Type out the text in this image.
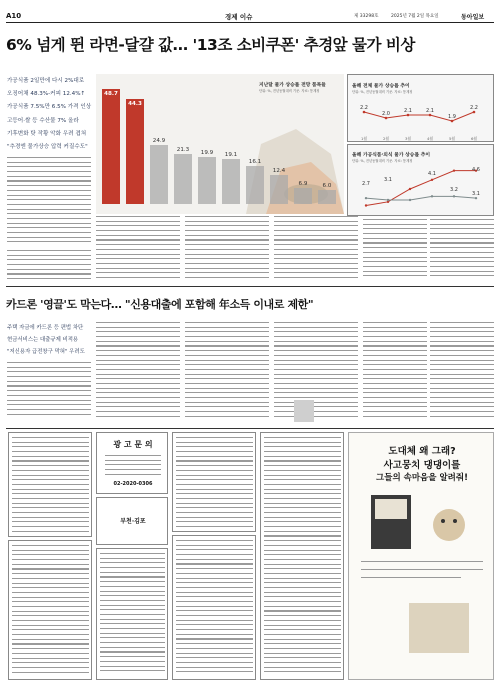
A10	경제 이슈	제 33298호	2025년 7월 2일 목요일	동아일보
6% 넘게 뛴 라면-달걀 값… '13조 소비쿠폰' 추경앞 물가 비상
가공식품 2일만에 다시 2%대로
오징어채 48.3%-커피 12.4%↑
가공식품 7.5%만 6.5% 가격 인상
고등어·쌀 등 수산물 7% 올라
기후변화 탓 작황 악화 우려 겹쳐
"추경엔 물가상승 압력 커질수도"
지난달 물가 상승률 전망 품목들
단위: %, 전년동월대비 기준. 자료: 통계청
48.7
44.3
24.9
21.3
19.9	19.1
16.1
12.4
6.9	6.0
올해 전체 물가 상승률 추이
단위: %, 전년동월대비 기준. 자료: 통계청
2.2
1월
2.0
2월
2.1
3월
2.1
4월
1.9
5월
2.2
6월
올해 가공식품·외식 물가 상승률 추이
단위: %, 전년동월대비 기준. 자료: 통계청
2.7
3.1
4.1
3.2
4.6
3.1
카드론 '영끌'도 막는다… "신용대출에 포함해 年소득 이내로 제한"
주택 자금에 카드론 등 편법 차단
현금서비스는 대출규제 비적용
"저신용자 급전창구 막혀" 우려도
광 고 문 의
02-2020-0306
부천·김포
도대체 왜 그래?
사고뭉치 댕댕이를
그들의 속마음을 알려줘!
